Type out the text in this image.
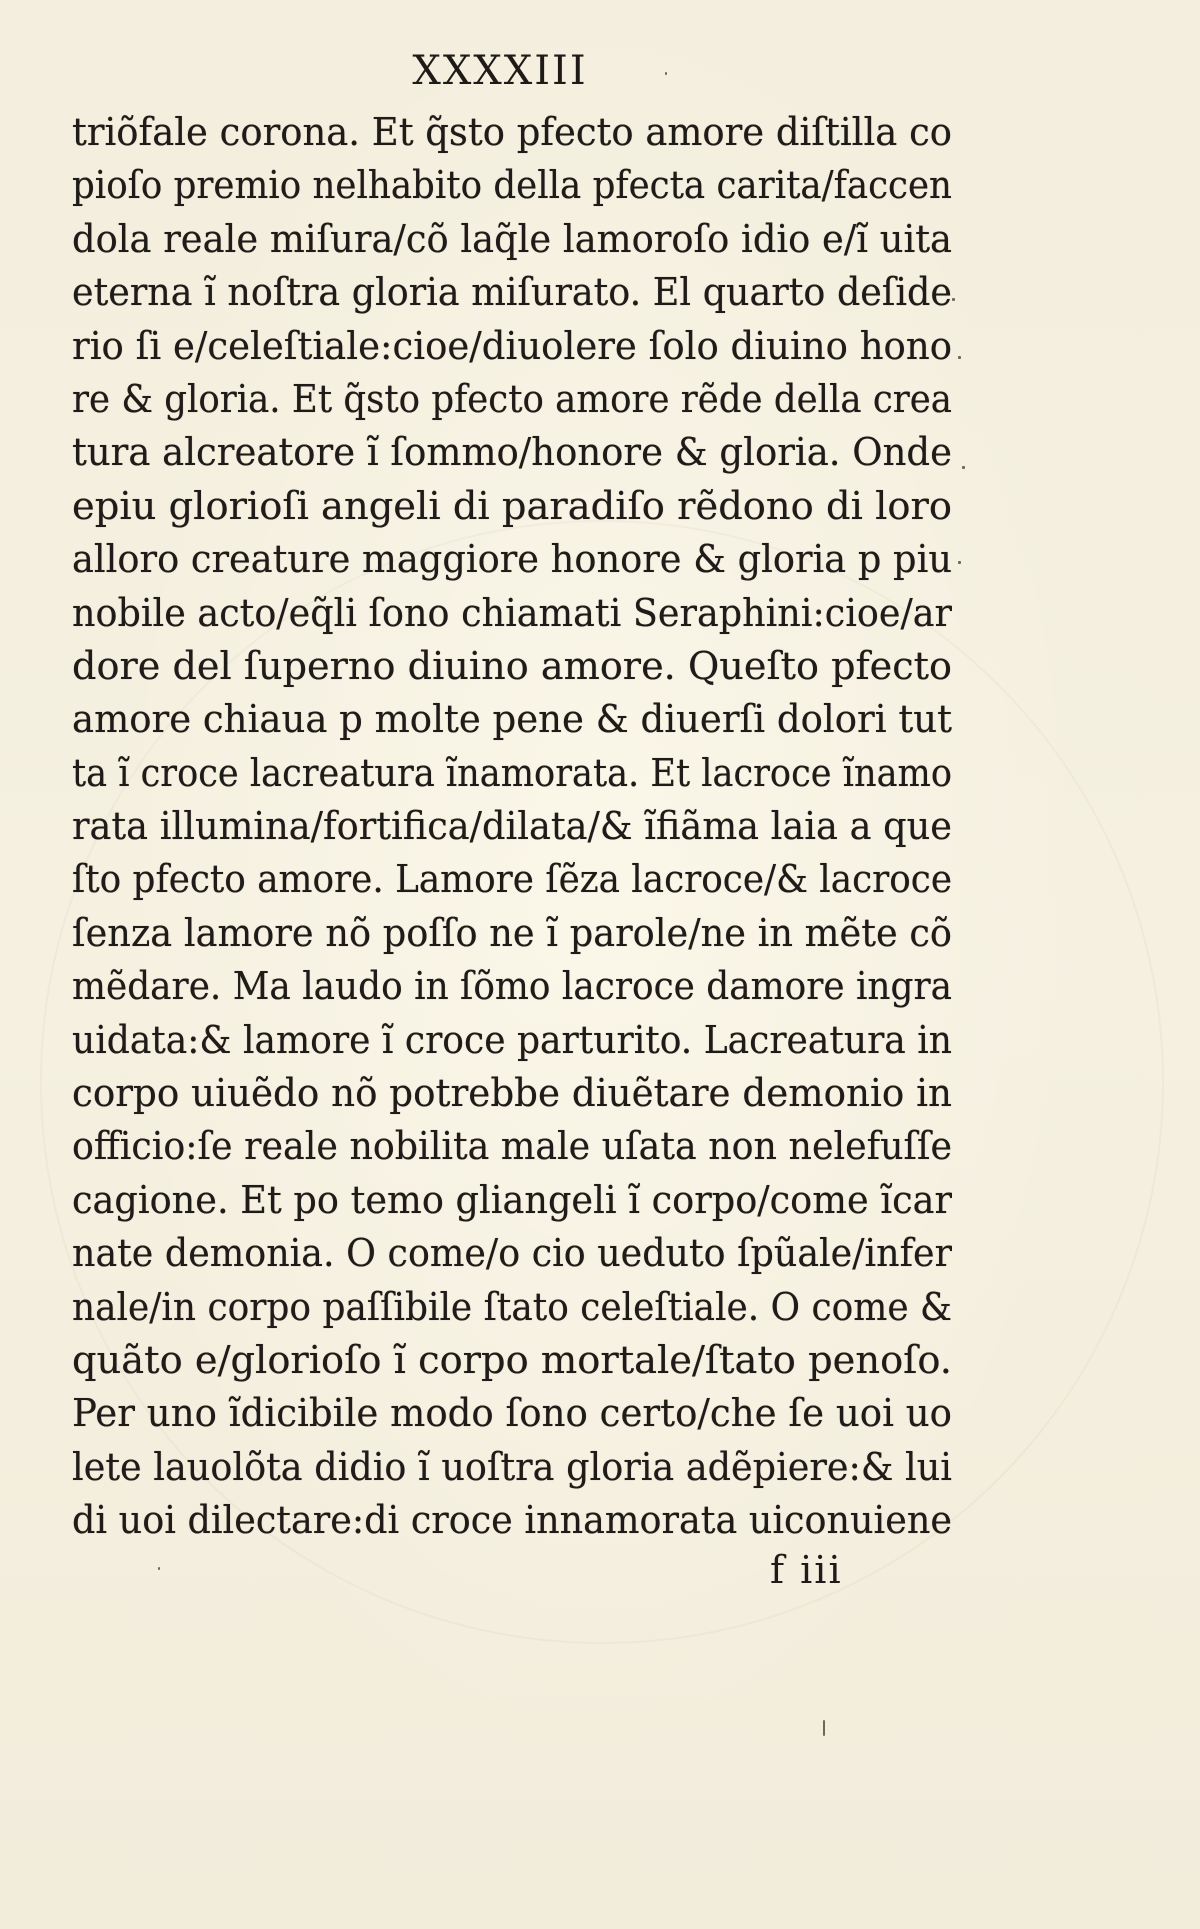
XXXXIII
triõfale corona. Et q̃sto pfecto amore diſtilla co
pioſo premio nelhabito della pfecta carita/faccen
dola reale miſura/cõ laq̃le lamoroſo idio e/ĩ uita
eterna ĩ noſtra gloria miſurato. El quarto deſide
rio ſi e/celeſtiale:cioe/diuolere ſolo diuino hono
re & gloria. Et q̃sto pfecto amore rẽde della crea
tura alcreatore ĩ ſommo/honore & gloria. Onde
epiu glorioſi angeli di paradiſo rẽdono di loro
alloro creature maggiore honore & gloria p piu
nobile acto/eq̃li ſono chiamati Seraphini:cioe/ar
dore del ſuperno diuino amore. Queſto pfecto
amore chiaua p molte pene & diuerſi dolori tut
ta ĩ croce lacreatura ĩnamorata. Et lacroce ĩnamo
rata illumina/fortifica/dilata/& ĩfiãma laia a que
ſto pfecto amore. Lamore ſẽza lacroce/& lacroce
ſenza lamore nõ poſſo ne ĩ parole/ne in mẽte cõ
mẽdare. Ma laudo in ſõmo lacroce damore ingra
uidata:& lamore ĩ croce parturito. Lacreatura in
corpo uiuẽdo nõ potrebbe diuẽtare demonio in
officio:ſe reale nobilita male uſata non nelefuſſe
cagione. Et po temo gliangeli ĩ corpo/come ĩcar
nate demonia. O come/o cio ueduto ſpũale/infer
nale/in corpo paſſibile ſtato celeſtiale. O come &
quãto e/glorioſo ĩ corpo mortale/ſtato penoſo.
Per uno ĩdicibile modo ſono certo/che ſe uoi uo
lete lauolõta didio ĩ uoſtra gloria adẽpiere:& lui
di uoi dilectare:di croce innamorata uiconuiene
f iii
